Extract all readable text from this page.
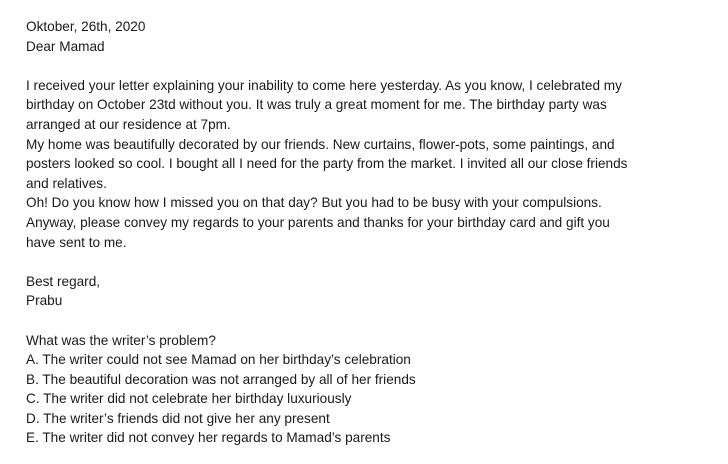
Oktober, 26th, 2020
Dear Mamad
I received your letter explaining your inability to come here yesterday. As you know, I celebrated my
birthday on October 23td without you. It was truly a great moment for me. The birthday party was
arranged at our residence at 7pm.
My home was beautifully decorated by our friends. New curtains, flower-pots, some paintings, and
posters looked so cool. I bought all I need for the party from the market. I invited all our close friends
and relatives.
Oh! Do you know how I missed you on that day? But you had to be busy with your compulsions.
Anyway, please convey my regards to your parents and thanks for your birthday card and gift you
have sent to me.
Best regard,
Prabu
What was the writer’s problem?
A. The writer could not see Mamad on her birthday’s celebration
B. The beautiful decoration was not arranged by all of her friends
C. The writer did not celebrate her birthday luxuriously
D. The writer’s friends did not give her any present
E. The writer did not convey her regards to Mamad’s parents
